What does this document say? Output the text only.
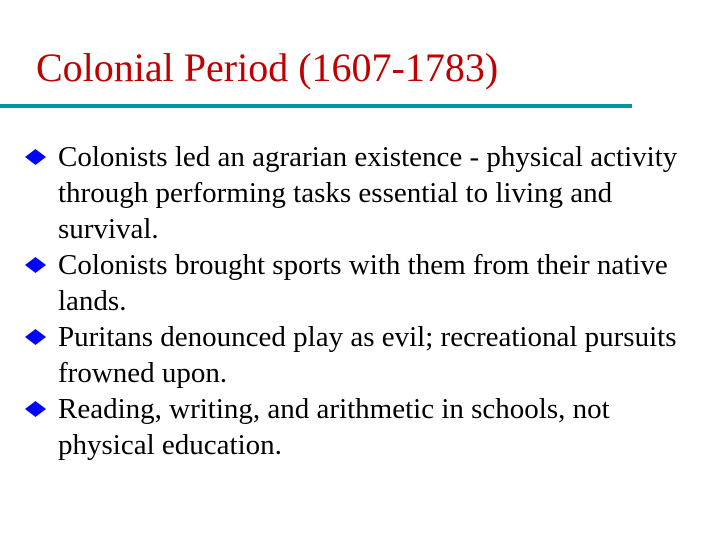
Colonial Period (1607-1783)
Colonists led an agrarian existence - physical activity through performing tasks essential to living and survival.
Colonists brought sports with them from their native lands.
Puritans denounced play as evil; recreational pursuits frowned upon.
Reading, writing, and arithmetic in schools, not physical education.
